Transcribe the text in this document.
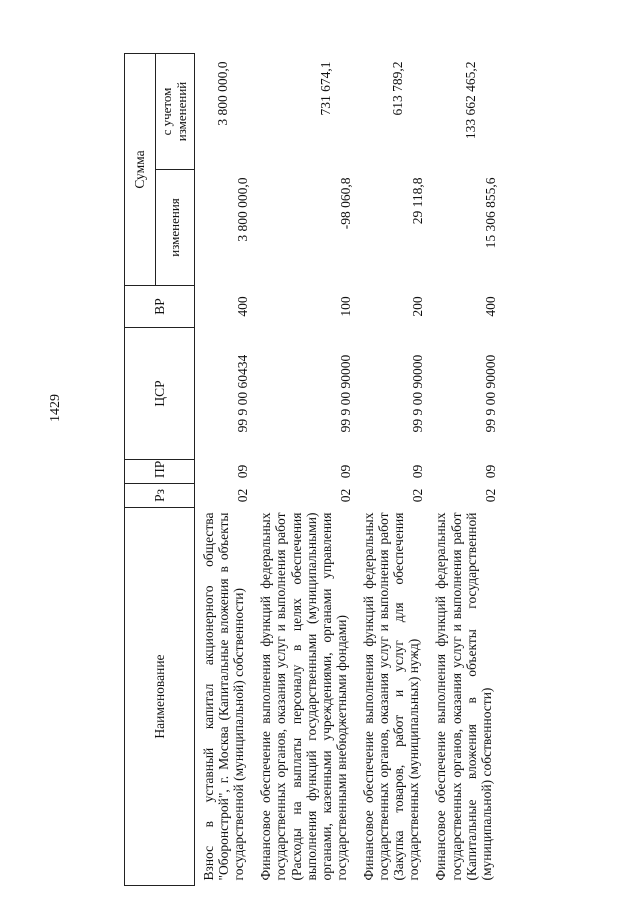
1429
Наименование	Рз	ПР	ЦСР	ВР	Сумма	
					изменения	с учетом изменений
Взнос в уставный капитал акционерного общества "Оборонстрой", г. Москва (Капитальные вложения в объекты государственной (муниципальной) собственности)	02	09	99 9 00 60434	400	3 800 000,0	3 800 000,0
Финансовое обеспечение выполнения функций федеральных государственных органов, оказания услуг и выполнения работ (Расходы на выплаты персоналу в целях обеспечения выполнения функций государственными (муниципальными) органами, казенными учреждениями, органами управления государственными внебюджетными фондами)	02	09	99 9 00 90000	100	-98 060,8	731 674,1
Финансовое обеспечение выполнения функций федеральных государственных органов, оказания услуг и выполнения работ (Закупка товаров, работ и услуг для обеспечения государственных (муниципальных) нужд)	02	09	99 9 00 90000	200	29 118,8	613 789,2
Финансовое обеспечение выполнения функций федеральных государственных органов, оказания услуг и выполнения работ (Капитальные вложения в объекты государственной (муниципальной) собственности)	02	09	99 9 00 90000	400	15 306 855,6	133 662 465,2
